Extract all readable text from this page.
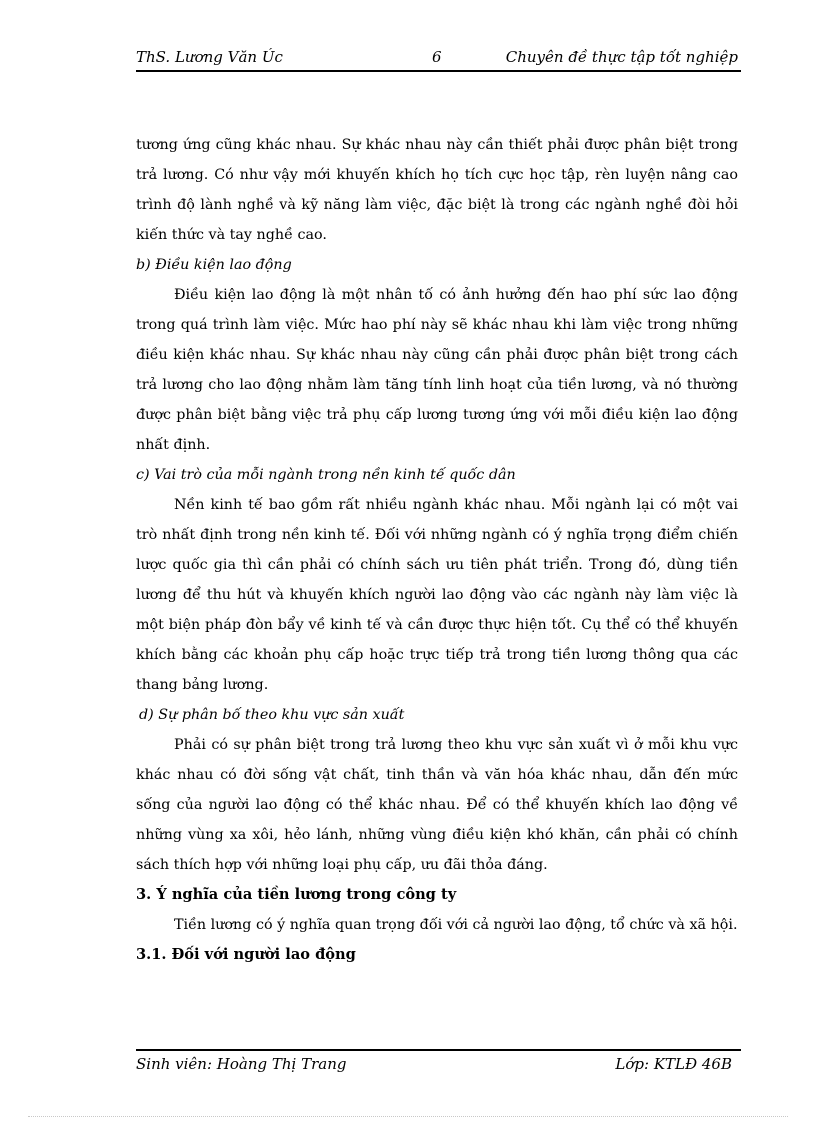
ThS. Lương Văn Úc	6	Chuyên đề thực tập tốt nghiệp

tương ứng cũng khác nhau. Sự khác nhau này cần thiết phải được phân biệt trong trả lương. Có như vậy mới khuyến khích họ tích cực học tập, rèn luyện nâng cao trình độ lành nghề và kỹ năng làm việc, đặc biệt là trong các ngành nghề đòi hỏi kiến thức và tay nghề cao.

b) Điều kiện lao động

Điều kiện lao động là một nhân tố có ảnh hưởng đến hao phí sức lao động trong quá trình làm việc. Mức hao phí này sẽ khác nhau khi làm việc trong những điều kiện khác nhau. Sự khác nhau này cũng cần phải được phân biệt trong cách trả lương cho lao động nhằm làm tăng tính linh hoạt của tiền lương, và nó thường được phân biệt bằng việc trả phụ cấp lương tương ứng với mỗi điều kiện lao động nhất định.

c) Vai trò của mỗi ngành trong nền kinh tế quốc dân

Nền kinh tế bao gồm rất nhiều ngành khác nhau. Mỗi ngành lại có một vai trò nhất định trong nền kinh tế. Đối với những ngành có ý nghĩa trọng điểm chiến lược quốc gia thì cần phải có chính sách ưu tiên phát triển. Trong đó, dùng tiền lương để thu hút và khuyến khích người lao động vào các ngành này làm việc là một biện pháp đòn bẩy về kinh tế và cần được thực hiện tốt. Cụ thể có thể khuyến khích bằng các khoản phụ cấp hoặc trực tiếp trả trong tiền lương thông qua các thang bảng lương.

d) Sự phân bố theo khu vực sản xuất

Phải có sự phân biệt trong trả lương theo khu vực sản xuất vì ở mỗi khu vực khác nhau có đời sống vật chất, tinh thần và văn hóa khác nhau, dẫn đến mức sống của người lao động có thể khác nhau. Để có thể khuyến khích lao động về những vùng xa xôi, hẻo lánh, những vùng điều kiện khó khăn, cần phải có chính sách thích hợp với những loại phụ cấp, ưu đãi thỏa đáng.

3. Ý nghĩa của tiền lương trong công ty

Tiền lương có ý nghĩa quan trọng đối với cả người lao động, tổ chức và xã hội.

3.1. Đối với người lao động

Sinh viên: Hoàng Thị Trang	Lớp: KTLĐ 46B
